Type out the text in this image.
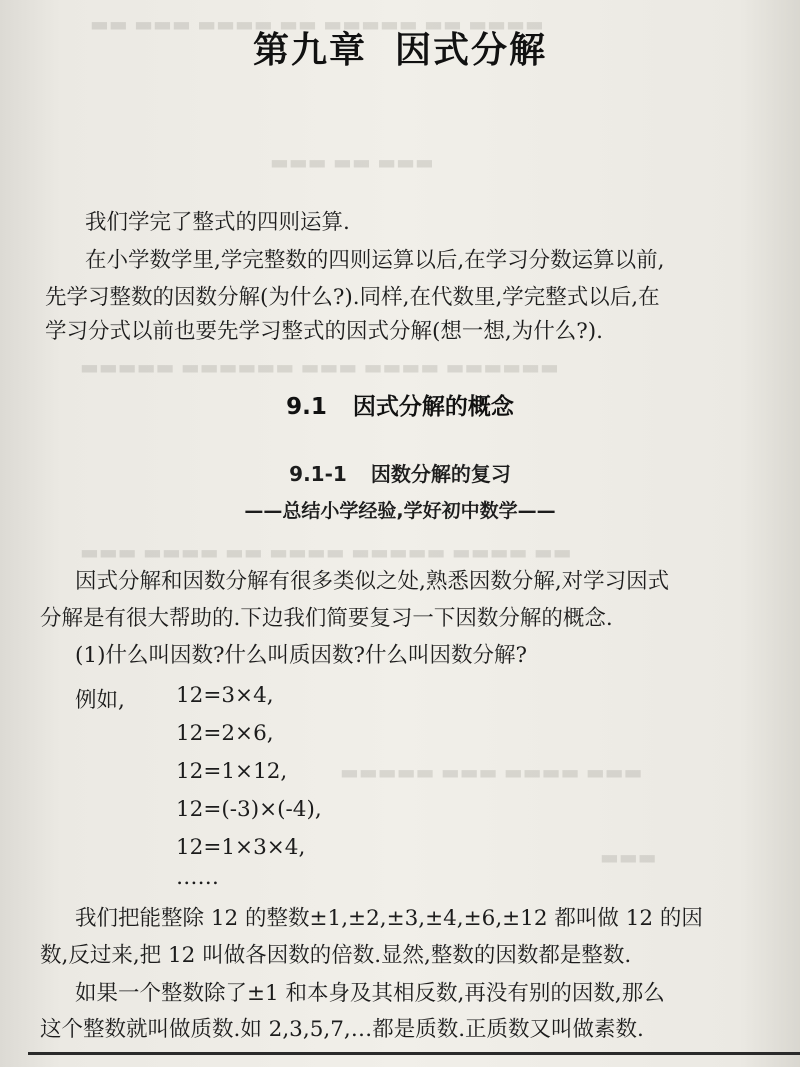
▬▬ ▬▬▬ ▬▬▬▬ ▬▬ ▬▬▬▬▬ ▬▬ ▬▬▬▬
▬▬▬ ▬▬ ▬▬▬
▬▬▬▬▬ ▬▬▬▬▬▬ ▬▬▬ ▬▬▬▬ ▬▬▬▬▬▬
▬▬▬ ▬▬▬▬ ▬▬ ▬▬▬▬ ▬▬▬▬▬ ▬▬▬▬ ▬▬
▬▬▬▬▬ ▬▬▬ ▬▬▬▬ ▬▬▬
▬▬▬
第九章 因式分解
我们学完了整式的四则运算.
在小学数学里,学完整数的四则运算以后,在学习分数运算以前,
先学习整数的因数分解(为什么?).同样,在代数里,学完整式以后,在
学习分式以前也要先学习整式的因式分解(想一想,为什么?).
9.1 因式分解的概念
9.1-1 因数分解的复习
——总结小学经验,学好初中数学——
因式分解和因数分解有很多类似之处,熟悉因数分解,对学习因式
分解是有很大帮助的.下边我们简要复习一下因数分解的概念.
(1)什么叫因数?什么叫质因数?什么叫因数分解?
例如, 12=3×4,
12=2×6,
12=1×12,
12=(-3)×(-4),
12=1×3×4,
……
我们把能整除 12 的整数±1,±2,±3,±4,±6,±12 都叫做 12 的因
数,反过来,把 12 叫做各因数的倍数.显然,整数的因数都是整数.
如果一个整数除了±1 和本身及其相反数,再没有别的因数,那么
这个整数就叫做质数.如 2,3,5,7,…都是质数.正质数又叫做素数.
